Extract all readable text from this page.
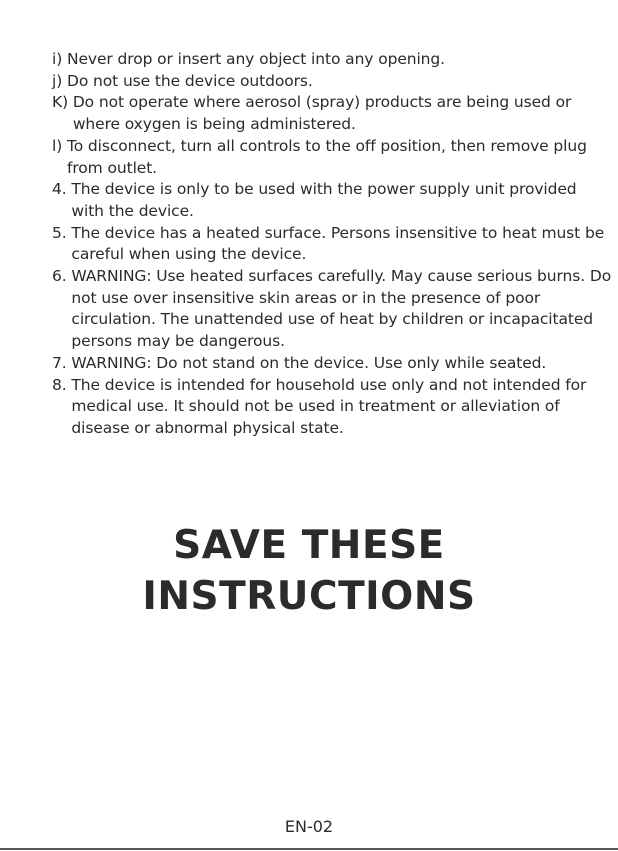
i) Never drop or insert any object into any opening.

j) Do not use the device outdoors.

K) Do not operate where aerosol (spray) products are being used or where oxygen is being administered.

l) To disconnect, turn all controls to the off position, then remove plug from outlet.

4. The device is only to be used with the power supply unit provided with the device.

5. The device has a heated surface. Persons insensitive to heat must be careful when using the device.

6. WARNING: Use heated surfaces carefully. May cause serious burns. Do not use over insensitive skin areas or in the presence of poor circulation. The unattended use of heat by children or incapacitated persons may be dangerous.

7. WARNING: Do not stand on the device. Use only while seated.

8. The device is intended for household use only and not intended for medical use. It should not be used in treatment or alleviation of disease or abnormal physical state.

SAVE THESE
INSTRUCTIONS
EN-02
